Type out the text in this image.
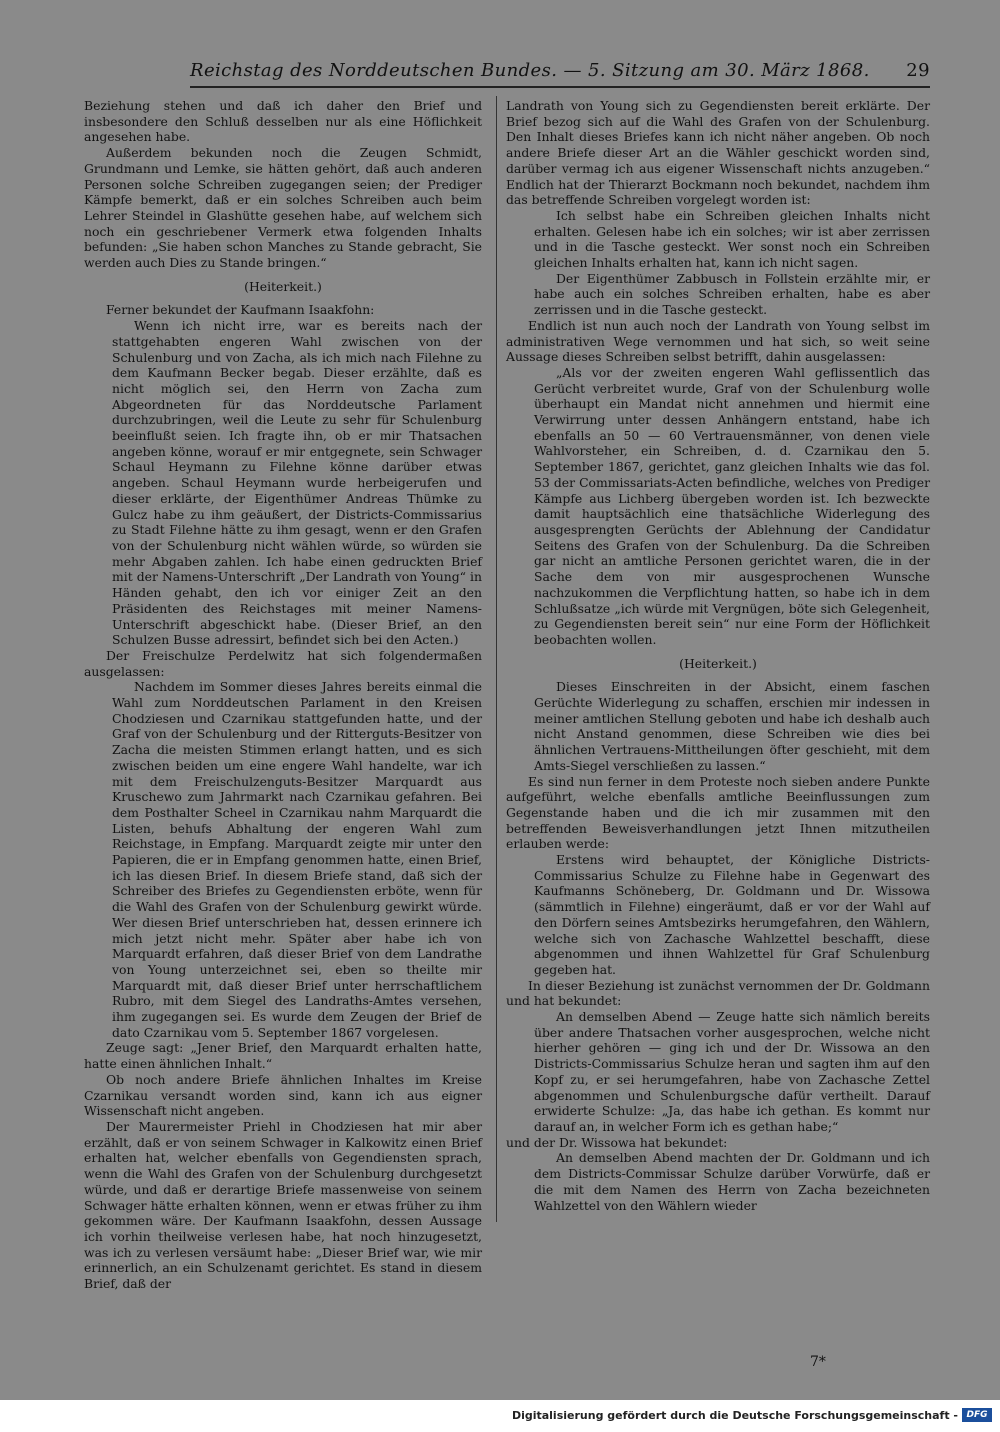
Reichstag des Norddeutschen Bundes. — 5. Sitzung am 30. März 1868. 29

Beziehung stehen und daß ich daher den Brief und insbesondere den Schluß desselben nur als eine Höflichkeit angesehen habe.

Außerdem bekunden noch die Zeugen Schmidt, Grundmann und Lemke, sie hätten gehört, daß auch anderen Personen solche Schreiben zugegangen seien; der Prediger Kämpfe bemerkt, daß er ein solches Schreiben auch beim Lehrer Steindel in Glashütte gesehen habe, auf welchem sich noch ein geschriebener Vermerk etwa folgenden Inhalts befunden: „Sie haben schon Manches zu Stande gebracht, Sie werden auch Dies zu Stande bringen.“

(Heiterkeit.)

Ferner bekundet der Kaufmann Isaakfohn:

Wenn ich nicht irre, war es bereits nach der stattgehabten engeren Wahl zwischen von der Schulenburg und von Zacha, als ich mich nach Filehne zu dem Kaufmann Becker begab. Dieser erzählte, daß es nicht möglich sei, den Herrn von Zacha zum Abgeordneten für das Norddeutsche Parlament durchzubringen, weil die Leute zu sehr für Schulenburg beeinflußt seien. Ich fragte ihn, ob er mir Thatsachen angeben könne, worauf er mir entgegnete, sein Schwager Schaul Heymann zu Filehne könne darüber etwas angeben. Schaul Heymann wurde herbeigerufen und dieser erklärte, der Eigenthümer Andreas Thümke zu Gulcz habe zu ihm geäußert, der Districts-Commissarius zu Stadt Filehne hätte zu ihm gesagt, wenn er den Grafen von der Schulenburg nicht wählen würde, so würden sie mehr Abgaben zahlen. Ich habe einen gedruckten Brief mit der Namens-Unterschrift „Der Landrath von Young“ in Händen gehabt, den ich vor einiger Zeit an den Präsidenten des Reichstages mit meiner Namens-Unterschrift abgeschickt habe. (Dieser Brief, an den Schulzen Busse adressirt, befindet sich bei den Acten.)

Der Freischulze Perdelwitz hat sich folgendermaßen ausgelassen:

Nachdem im Sommer dieses Jahres bereits einmal die Wahl zum Norddeutschen Parlament in den Kreisen Chodziesen und Czarnikau stattgefunden hatte, und der Graf von der Schulenburg und der Ritterguts-Besitzer von Zacha die meisten Stimmen erlangt hatten, und es sich zwischen beiden um eine engere Wahl handelte, war ich mit dem Freischulzenguts-Besitzer Marquardt aus Kruschewo zum Jahrmarkt nach Czarnikau gefahren. Bei dem Posthalter Scheel in Czarnikau nahm Marquardt die Listen, behufs Abhaltung der engeren Wahl zum Reichstage, in Empfang. Marquardt zeigte mir unter den Papieren, die er in Empfang genommen hatte, einen Brief, ich las diesen Brief. In diesem Briefe stand, daß sich der Schreiber des Briefes zu Gegendiensten erböte, wenn für die Wahl des Grafen von der Schulenburg gewirkt würde. Wer diesen Brief unterschrieben hat, dessen erinnere ich mich jetzt nicht mehr. Später aber habe ich von Marquardt erfahren, daß dieser Brief von dem Landrathe von Young unterzeichnet sei, eben so theilte mir Marquardt mit, daß dieser Brief unter herrschaftlichem Rubro, mit dem Siegel des Landraths-Amtes versehen, ihm zugegangen sei. Es wurde dem Zeugen der Brief de dato Czarnikau vom 5. September 1867 vorgelesen.

Zeuge sagt: „Jener Brief, den Marquardt erhalten hatte, hatte einen ähnlichen Inhalt.“

Ob noch andere Briefe ähnlichen Inhaltes im Kreise Czarnikau versandt worden sind, kann ich aus eigner Wissenschaft nicht angeben.

Der Maurermeister Priehl in Chodziesen hat mir aber erzählt, daß er von seinem Schwager in Kalkowitz einen Brief erhalten hat, welcher ebenfalls von Gegendiensten sprach, wenn die Wahl des Grafen von der Schulenburg durchgesetzt würde, und daß er derartige Briefe massenweise von seinem Schwager hätte erhalten können, wenn er etwas früher zu ihm gekommen wäre. Der Kaufmann Isaakfohn, dessen Aussage ich vorhin theilweise verlesen habe, hat noch hinzugesetzt, was ich zu verlesen versäumt habe: „Dieser Brief war, wie mir erinnerlich, an ein Schulzenamt gerichtet. Es stand in diesem Brief, daß der

Landrath von Young sich zu Gegendiensten bereit erklärte. Der Brief bezog sich auf die Wahl des Grafen von der Schulenburg. Den Inhalt dieses Briefes kann ich nicht näher angeben. Ob noch andere Briefe dieser Art an die Wähler geschickt worden sind, darüber vermag ich aus eigener Wissenschaft nichts anzugeben.“ Endlich hat der Thierarzt Bockmann noch bekundet, nachdem ihm das betreffende Schreiben vorgelegt worden ist:

Ich selbst habe ein Schreiben gleichen Inhalts nicht erhalten. Gelesen habe ich ein solches; wir ist aber zerrissen und in die Tasche gesteckt. Wer sonst noch ein Schreiben gleichen Inhalts erhalten hat, kann ich nicht sagen.

Der Eigenthümer Zabbusch in Follstein erzählte mir, er habe auch ein solches Schreiben erhalten, habe es aber zerrissen und in die Tasche gesteckt.

Endlich ist nun auch noch der Landrath von Young selbst im administrativen Wege vernommen und hat sich, so weit seine Aussage dieses Schreiben selbst betrifft, dahin ausgelassen:

„Als vor der zweiten engeren Wahl geflissentlich das Gerücht verbreitet wurde, Graf von der Schulenburg wolle überhaupt ein Mandat nicht annehmen und hiermit eine Verwirrung unter dessen Anhängern entstand, habe ich ebenfalls an 50 — 60 Vertrauensmänner, von denen viele Wahlvorsteher, ein Schreiben, d. d. Czarnikau den 5. September 1867, gerichtet, ganz gleichen Inhalts wie das fol. 53 der Commissariats-Acten befindliche, welches von Prediger Kämpfe aus Lichberg übergeben worden ist. Ich bezweckte damit hauptsächlich eine thatsächliche Widerlegung des ausgesprengten Gerüchts der Ablehnung der Candidatur Seitens des Grafen von der Schulenburg. Da die Schreiben gar nicht an amtliche Personen gerichtet waren, die in der Sache dem von mir ausgesprochenen Wunsche nachzukommen die Verpflichtung hatten, so habe ich in dem Schlußsatze „ich würde mit Vergnügen, böte sich Gelegenheit, zu Gegendiensten bereit sein“ nur eine Form der Höflichkeit beobachten wollen.

(Heiterkeit.)

Dieses Einschreiten in der Absicht, einem faschen Gerüchte Widerlegung zu schaffen, erschien mir indessen in meiner amtlichen Stellung geboten und habe ich deshalb auch nicht Anstand genommen, diese Schreiben wie dies bei ähnlichen Vertrauens-Mittheilungen öfter geschieht, mit dem Amts-Siegel verschließen zu lassen.“

Es sind nun ferner in dem Proteste noch sieben andere Punkte aufgeführt, welche ebenfalls amtliche Beeinflussungen zum Gegenstande haben und die ich mir zusammen mit den betreffenden Beweisverhandlungen jetzt Ihnen mitzutheilen erlauben werde:

Erstens wird behauptet, der Königliche Districts-Commissarius Schulze zu Filehne habe in Gegenwart des Kaufmanns Schöneberg, Dr. Goldmann und Dr. Wissowa (sämmtlich in Filehne) eingeräumt, daß er vor der Wahl auf den Dörfern seines Amtsbezirks herumgefahren, den Wählern, welche sich von Zachasche Wahlzettel beschafft, diese abgenommen und ihnen Wahlzettel für Graf Schulenburg gegeben hat.

In dieser Beziehung ist zunächst vernommen der Dr. Goldmann und hat bekundet:

An demselben Abend — Zeuge hatte sich nämlich bereits über andere Thatsachen vorher ausgesprochen, welche nicht hierher gehören — ging ich und der Dr. Wissowa an den Districts-Commissarius Schulze heran und sagten ihm auf den Kopf zu, er sei herumgefahren, habe von Zachasche Zettel abgenommen und Schulenburgsche dafür vertheilt. Darauf erwiderte Schulze: „Ja, das habe ich gethan. Es kommt nur darauf an, in welcher Form ich es gethan habe;“

und der Dr. Wissowa hat bekundet:

An demselben Abend machten der Dr. Goldmann und ich dem Districts-Commissar Schulze darüber Vorwürfe, daß er die mit dem Namen des Herrn von Zacha bezeichneten Wahlzettel von den Wählern wieder

7*
Digitalisierung gefördert durch die Deutsche Forschungsgemeinschaft - DFG
